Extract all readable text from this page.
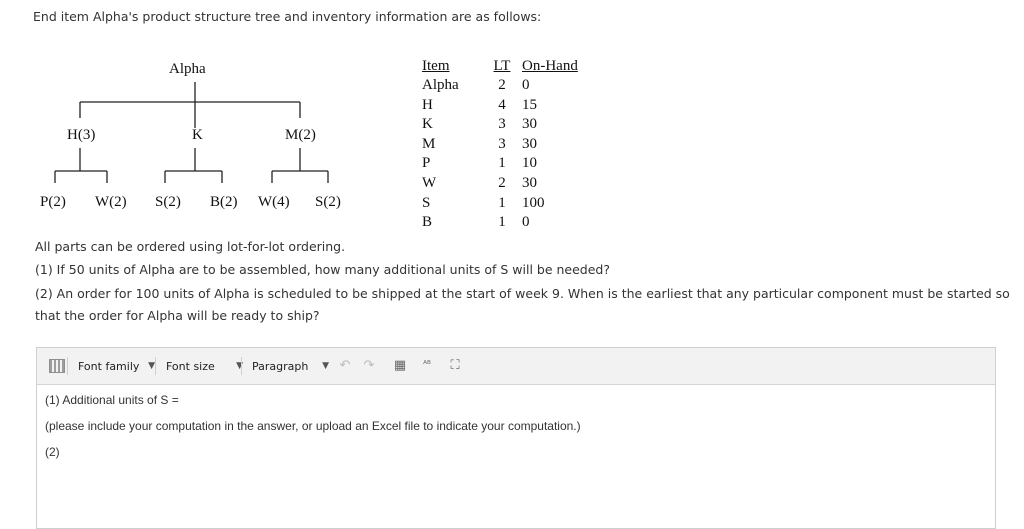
End item Alpha's product structure tree and inventory information are as follows:
Alpha
H(3)	K	M(2)
P(2) W(2) S(2) B(2) W(4) S(2)
Item	LT	On-Hand
Alpha	2	0
H	4	15
K	3	30
M	3	30
P	1	10
W	2	30
S	1	100
B	1	0
All parts can be ordered using lot-for-lot ordering.
(1) If 50 units of Alpha are to be assembled, how many additional units of S will be needed?
(2) An order for 100 units of Alpha is scheduled to be shipped at the start of week 9. When is the earliest that any particular component must be started so
that the order for Alpha will be ready to ship?
Font family ▼ Font size ▼ Paragraph ▼ ↶ ↷ ▦	ᴬᴮ	⛶

(1) Additional units of S =

(please include your computation in the answer, or upload an Excel file to indicate your computation.)

(2)
